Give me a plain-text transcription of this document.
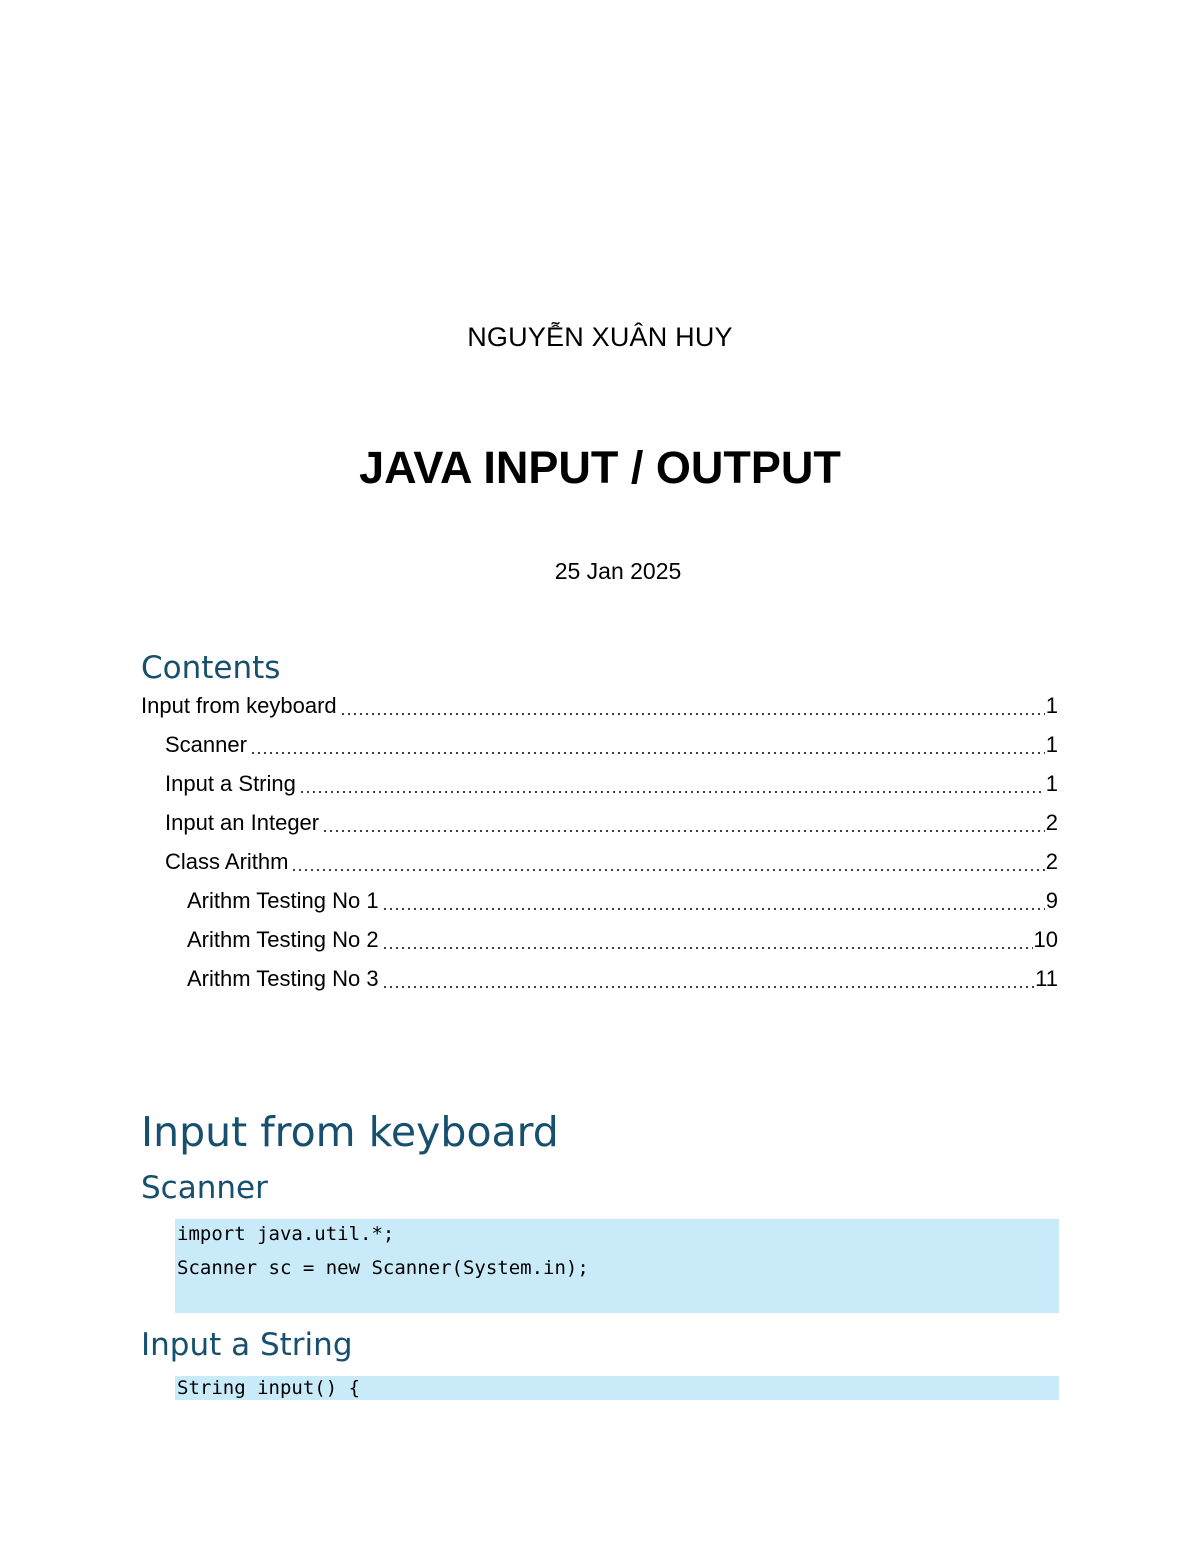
NGUYỄN XUÂN HUY
JAVA INPUT / OUTPUT
25 Jan 2025
Contents
Input from keyboard	1
Scanner	1
Input a String	1
Input an Integer	2
Class Arithm	2
Arithm Testing No 1	9
Arithm Testing No 2	10
Arithm Testing No 3	11
Input from keyboard
Scanner
import java.util.*;
Scanner sc = new Scanner(System.in);
Input a String
String input() {
